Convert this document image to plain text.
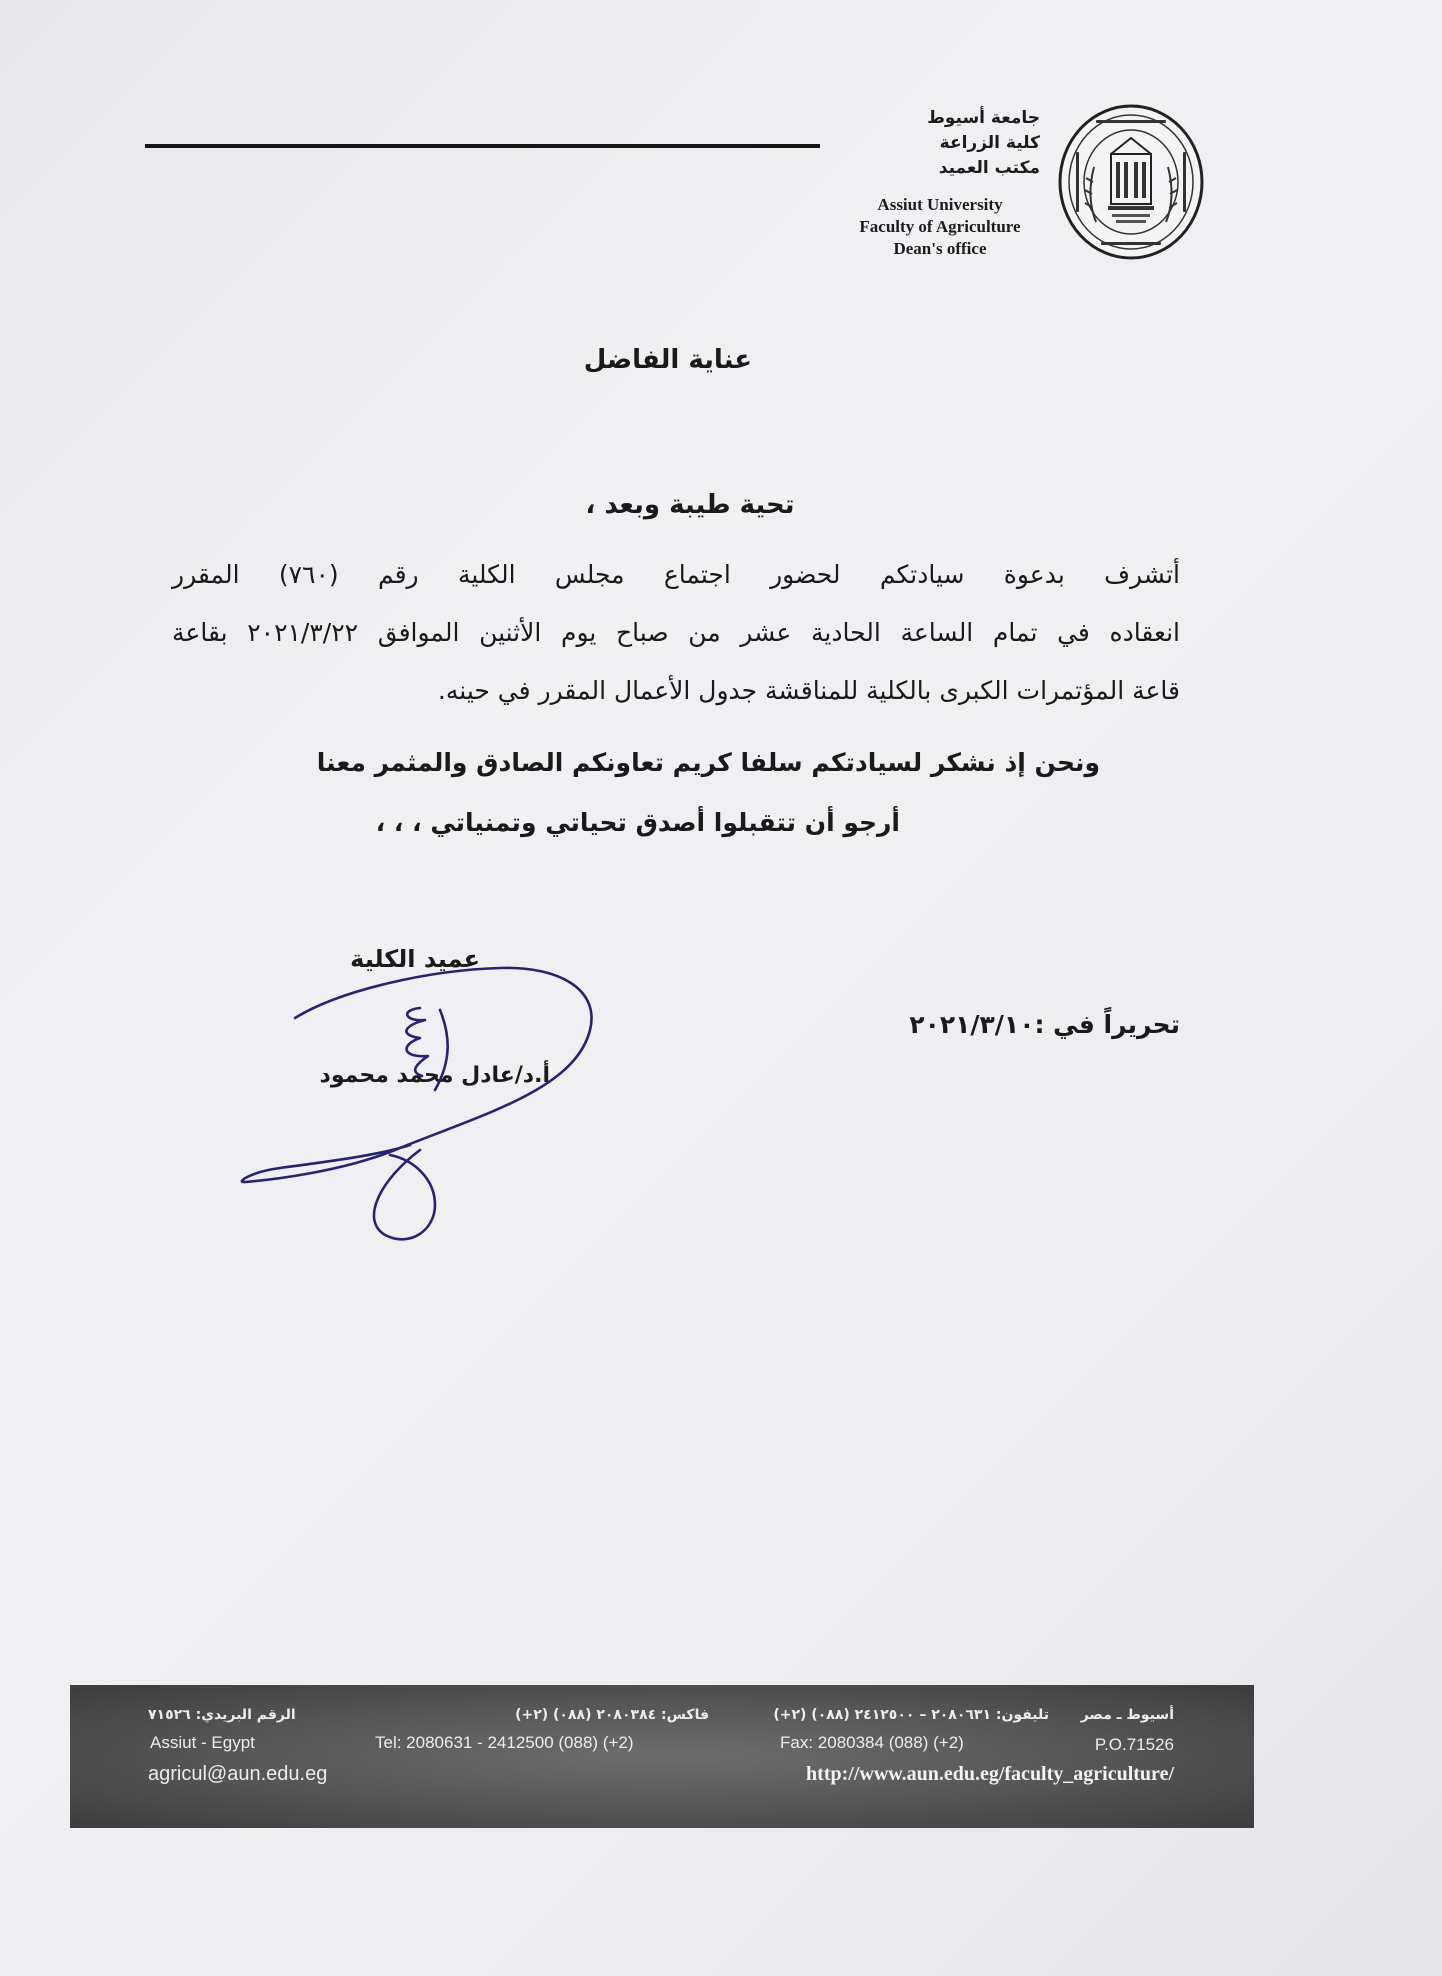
جامعة أسيوط
كلية الزراعة
مكتب العميد
Assiut University
Faculty of Agriculture
Dean's office
عناية الفاضل
تحية طيبة وبعد ،
أتشرف بدعوة سيادتكم لحضور اجتماع مجلس الكلية رقم (٧٦٠) المقرر
انعقاده في تمام الساعة الحادية عشر من صباح يوم الأثنين الموافق ٢٠٢١/٣/٢٢ بقاعة
قاعة المؤتمرات الكبرى بالكلية للمناقشة جدول الأعمال المقرر في حينه.
ونحن إذ نشكر لسيادتكم سلفا كريم تعاونكم الصادق والمثمر معنا
أرجو أن تتقبلوا أصدق تحياتي وتمنياتي ، ، ،
عميد الكلية
أ.د/عادل محمد محمود
تحريراً في :٢٠٢١/٣/١٠
أسيوط ـ مصر
تليفون: ٢٠٨٠٦٣١ – ٢٤١٢٥٠٠ (٠٨٨) (٢+)
فاكس: ٢٠٨٠٣٨٤ (٠٨٨) (٢+)
الرقم البريدي: ٧١٥٢٦
Assiut - Egypt	Tel: 2080631 - 2412500 (088) (+2)	Fax: 2080384 (088) (+2)	P.O.71526
agricul@aun.edu.eg	http://www.aun.edu.eg/faculty_agriculture/
